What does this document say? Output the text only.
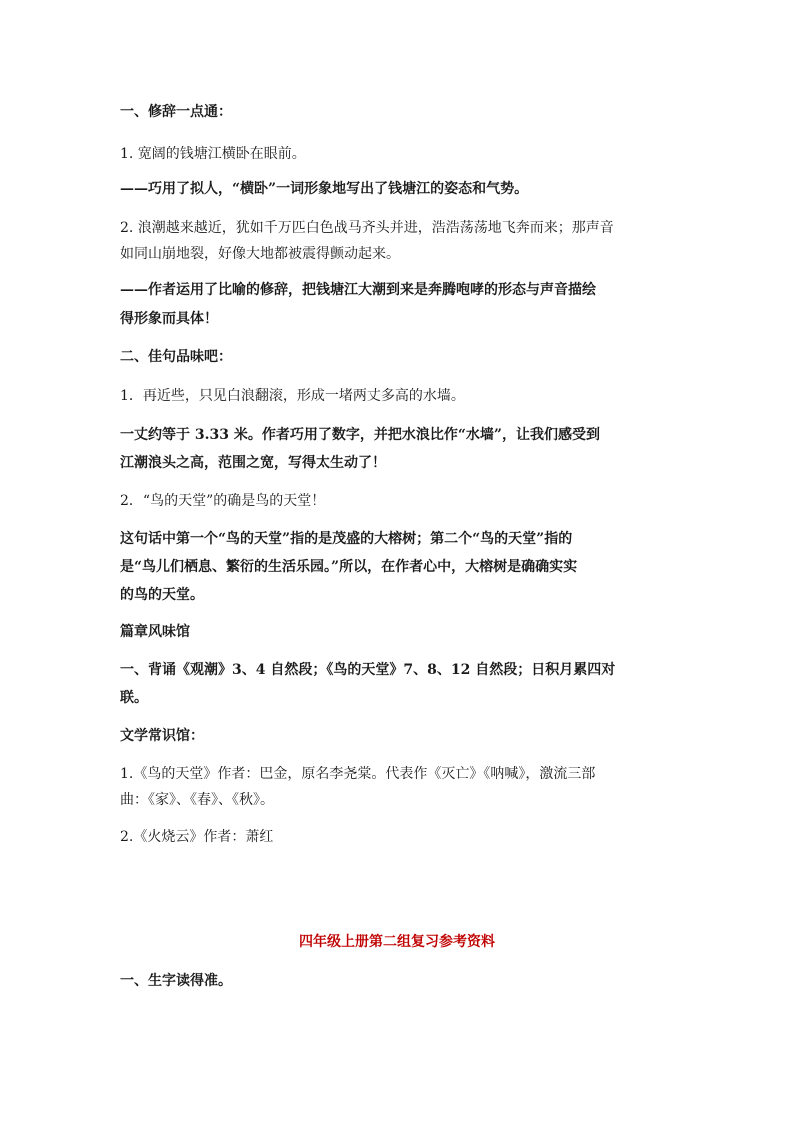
一、修辞一点通：
1. 宽阔的钱塘江横卧在眼前。
——巧用了拟人，“横卧”一词形象地写出了钱塘江的姿态和气势。
2. 浪潮越来越近，犹如千万匹白色战马齐头并进，浩浩荡荡地飞奔而来；那声音
如同山崩地裂，好像大地都被震得颤动起来。
——作者运用了比喻的修辞，把钱塘江大潮到来是奔腾咆哮的形态与声音描绘
得形象而具体！
二、佳句品味吧：
1．再近些，只见白浪翻滚，形成一堵两丈多高的水墙。
一丈约等于 3.33 米。作者巧用了数字，并把水浪比作“水墙”，让我们感受到
江潮浪头之高，范围之宽，写得太生动了！
2．“鸟的天堂”的确是鸟的天堂！
这句话中第一个“鸟的天堂”指的是茂盛的大榕树；第二个“鸟的天堂”指的
是“鸟儿们栖息、繁衍的生活乐园。”所以，在作者心中，大榕树是确确实实
的鸟的天堂。
篇章风味馆
一、背诵《观潮》3、4 自然段；《鸟的天堂》7、8、12 自然段；日积月累四对
联。
文学常识馆：
1.《鸟的天堂》作者：巴金，原名李尧棠。代表作《灭亡》《呐喊》，激流三部
曲：《家》、《春》、《秋》。
2.《火烧云》作者：萧红
四年级上册第二组复习参考资料
一、生字读得准。
